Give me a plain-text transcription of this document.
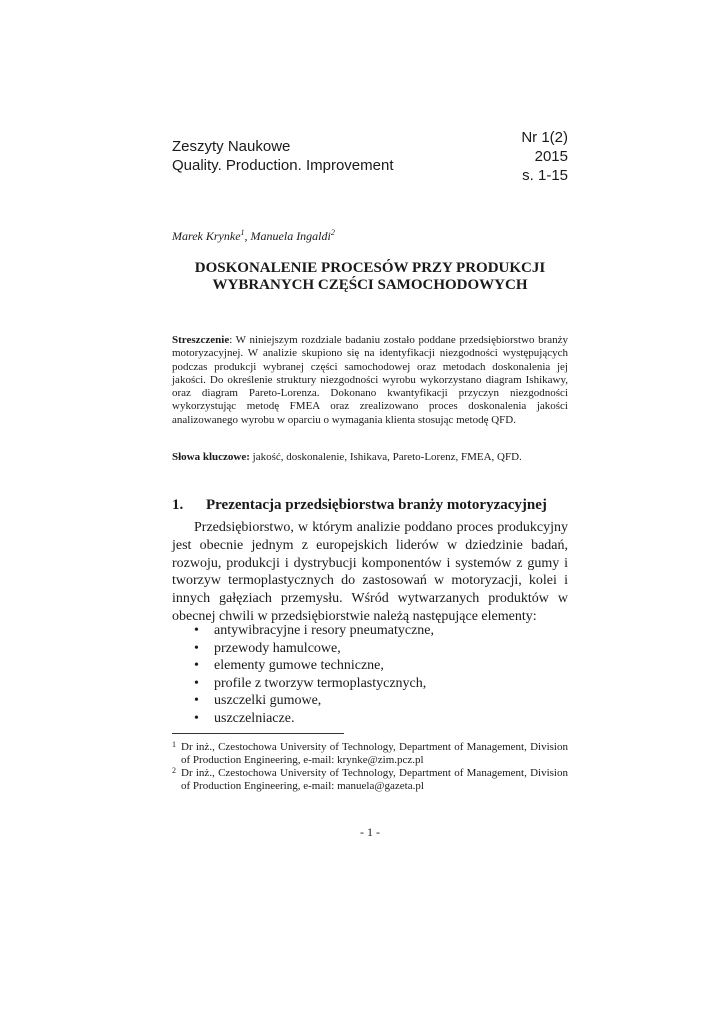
Zeszyty Naukowe
Quality. Production. Improvement
Nr 1(2)
2015
s. 1-15
Marek Krynke$^1$, Manuela Ingaldi$^2$
DOSKONALENIE PROCESÓW PRZY PRODUKCJI
WYBRANYCH CZĘŚCI SAMOCHODOWYCH
Streszczenie: W niniejszym rozdziale badaniu zostało poddane przedsiębiorstwo branży motoryzacyjnej. W analizie skupiono się na identyfikacji niezgodności występujących podczas produkcji wybranej części samochodowej oraz metodach doskonalenia jej jakości. Do określenie struktury niezgodności wyrobu wykorzystano diagram Ishikawy, oraz diagram Pareto-Lorenza. Dokonano kwantyfikacji przyczyn niezgodności wykorzystując metodę FMEA oraz zrealizowano proces doskonalenia jakości analizowanego wyrobu w oparciu o wymagania klienta stosując metodę QFD.
Słowa kluczowe: jakość, doskonalenie, Ishikava, Pareto-Lorenz, FMEA, QFD.
1. Prezentacja przedsiębiorstwa branży motoryzacyjnej

Przedsiębiorstwo, w którym analizie poddano proces produkcyjny jest obecnie jednym z europejskich liderów w dziedzinie badań, rozwoju, produkcji i dystrybucji komponentów i systemów z gumy i tworzyw termoplastycznych do zastosowań w motoryzacji, kolei i innych gałęziach przemysłu. Wśród wytwarzanych produktów w obecnej chwili w przedsiębiorstwie należą następujące elementy:

• antywibracyjne i resory pneumatyczne,
• przewody hamulcowe,
• elementy gumowe techniczne,
• profile z tworzyw termoplastycznych,
• uszczelki gumowe,
• uszczelniacze.
1 Dr inż., Czestochowa University of Technology, Department of Management, Division of Production Engineering, e-mail: krynke@zim.pcz.pl
2 Dr inż., Czestochowa University of Technology, Department of Management, Division of Production Engineering, e-mail: manuela@gazeta.pl
- 1 -
